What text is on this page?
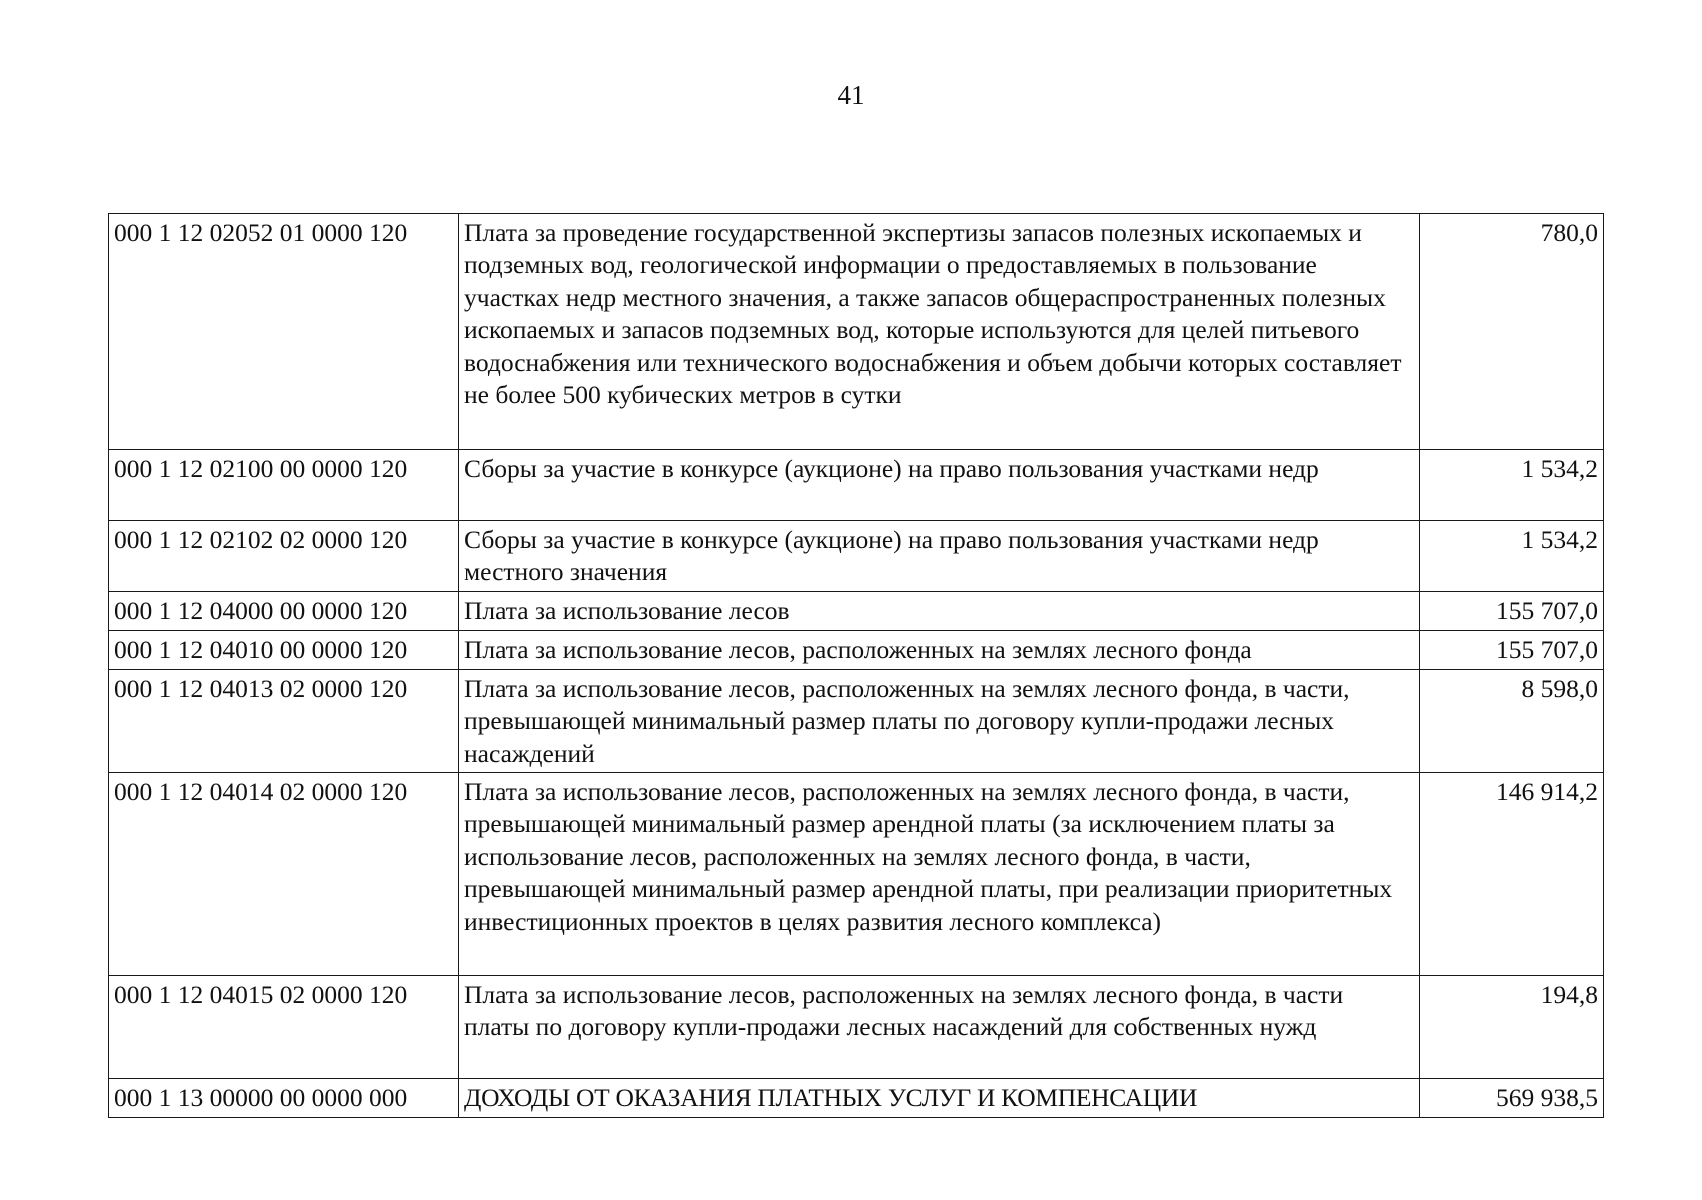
41
000 1 12 02052 01 0000 120	Плата за проведение государственной экспертизы запасов полезных ископаемых и подземных вод, геологической информации о предоставляемых в пользование участках недр местного значения, а также запасов общераспространенных полезных ископаемых и запасов подземных вод, которые используются для целей питьевого водоснабжения или технического водоснабжения и объем добычи которых составляет не более 500 кубических метров в сутки	780,0
000 1 12 02100 00 0000 120	Сборы за участие в конкурсе (аукционе) на право пользования участками недр	1 534,2
000 1 12 02102 02 0000 120	Сборы за участие в конкурсе (аукционе) на право пользования участками недр местного значения	1 534,2
000 1 12 04000 00 0000 120	Плата за использование лесов	155 707,0
000 1 12 04010 00 0000 120	Плата за использование лесов, расположенных на землях лесного фонда	155 707,0
000 1 12 04013 02 0000 120	Плата за использование лесов, расположенных на землях лесного фонда, в части, превышающей минимальный размер платы по договору купли-продажи лесных насаждений	8 598,0
000 1 12 04014 02 0000 120	Плата за использование лесов, расположенных на землях лесного фонда, в части, превышающей минимальный размер арендной платы (за исключением платы за использование лесов, расположенных на землях лесного фонда, в части, превышающей минимальный размер арендной платы, при реализации приоритетных инвестиционных проектов в целях развития лесного комплекса)	146 914,2
000 1 12 04015 02 0000 120	Плата за использование лесов, расположенных на землях лесного фонда, в части платы по договору купли-продажи лесных насаждений для собственных нужд	194,8
000 1 13 00000 00 0000 000	ДОХОДЫ ОТ ОКАЗАНИЯ ПЛАТНЫХ УСЛУГ И КОМПЕНСАЦИИ	569 938,5
